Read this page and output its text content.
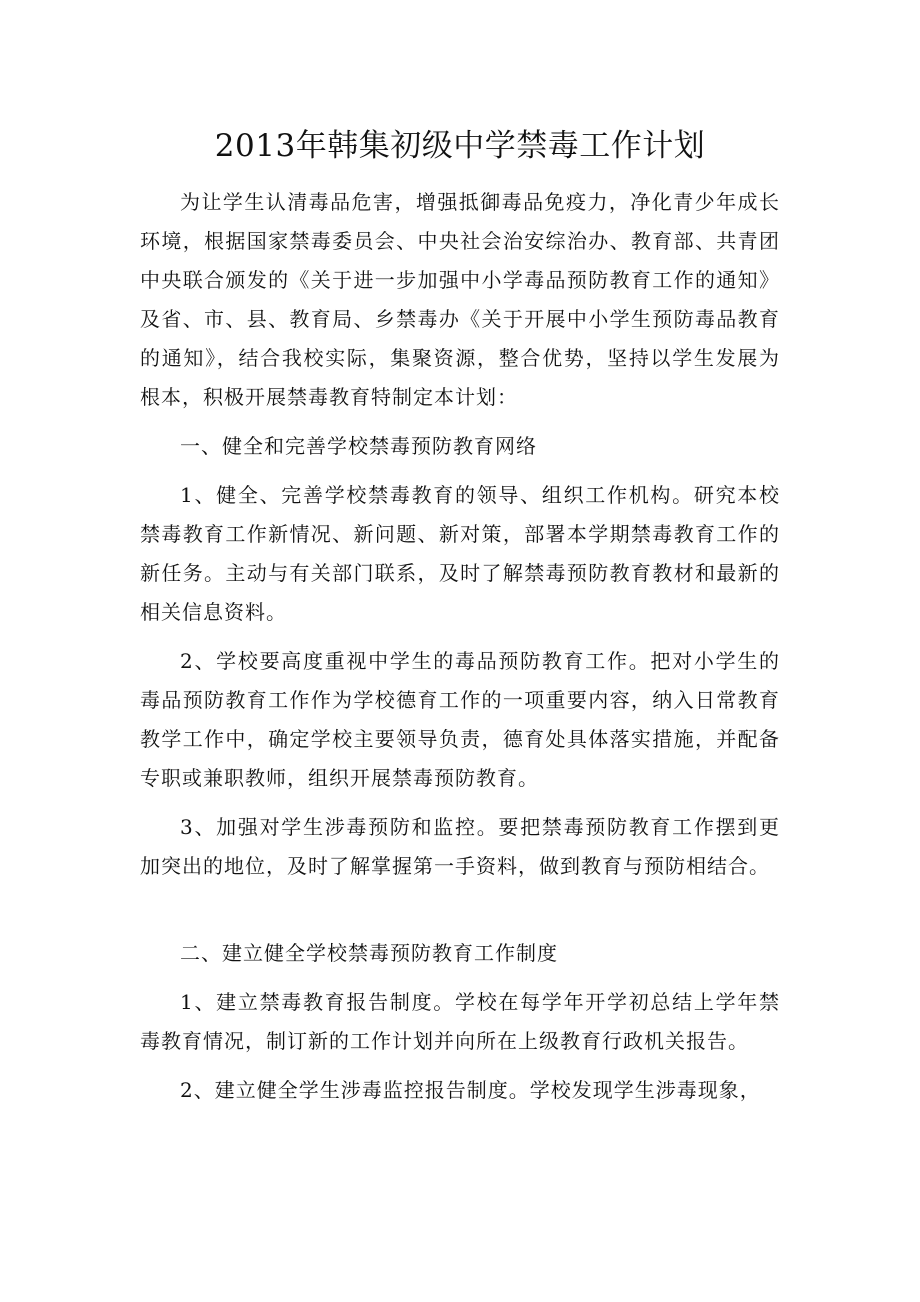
2013年韩集初级中学禁毒工作计划

为让学生认清毒品危害，增强抵御毒品免疫力，净化青少年成长环境，根据国家禁毒委员会、中央社会治安综治办、教育部、共青团中央联合颁发的《关于进一步加强中小学毒品预防教育工作的通知》及省、市、县、教育局、乡禁毒办《关于开展中小学生预防毒品教育的通知》，结合我校实际，集聚资源，整合优势，坚持以学生发展为根本，积极开展禁毒教育特制定本计划：

一、健全和完善学校禁毒预防教育网络

1、健全、完善学校禁毒教育的领导、组织工作机构。研究本校禁毒教育工作新情况、新问题、新对策，部署本学期禁毒教育工作的新任务。主动与有关部门联系，及时了解禁毒预防教育教材和最新的相关信息资料。

2、学校要高度重视中学生的毒品预防教育工作。把对小学生的毒品预防教育工作作为学校德育工作的一项重要内容，纳入日常教育教学工作中，确定学校主要领导负责，德育处具体落实措施，并配备专职或兼职教师，组织开展禁毒预防教育。

3、加强对学生涉毒预防和监控。要把禁毒预防教育工作摆到更加突出的地位，及时了解掌握第一手资料，做到教育与预防相结合。

二、建立健全学校禁毒预防教育工作制度

1、建立禁毒教育报告制度。学校在每学年开学初总结上学年禁毒教育情况，制订新的工作计划并向所在上级教育行政机关报告。

2、建立健全学生涉毒监控报告制度。学校发现学生涉毒现象，
